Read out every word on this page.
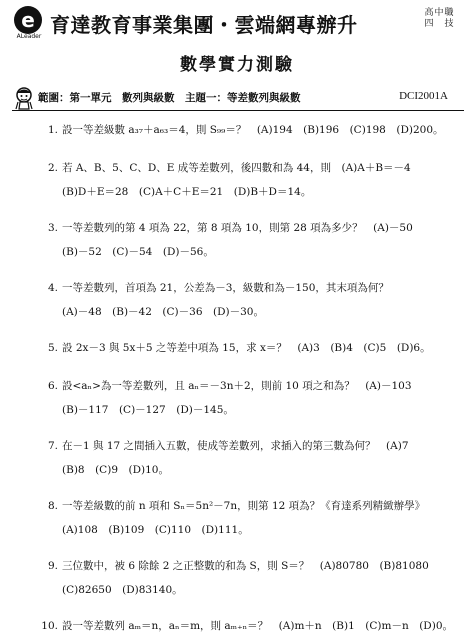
e
ALeader 育達教育事業集團・雲端網專辦升	高中職
四 技
數學實力測驗
範圍：第一單元　數列與級數　主題一：等差數列與級數	DCI2001A
1. 設一等差級數 a₃₇＋a₆₃＝4，則 S₉₉＝？　(A)194　(B)196　(C)198　(D)200。
2. 若 A、B、5、C、D、E 成等差數列，後四數和為 44，則　(A)A＋B＝－4
(B)D＋E＝28　(C)A＋C＋E＝21　(D)B＋D＝14。
3. 一等差數列的第 4 項為 22，第 8 項為 10，則第 28 項為多少？　(A)－50
(B)－52　(C)－54　(D)－56。
4. 一等差數列，首項為 21，公差為－3，級數和為－150，其末項為何？
(A)－48　(B)－42　(C)－36　(D)－30。
5. 設 2x－3 與 5x＋5 之等差中項為 15，求 x＝？　(A)3　(B)4　(C)5　(D)6。
6. 設<aₙ>為一等差數列，且 aₙ＝－3n＋2，則前 10 項之和為？　(A)－103
(B)－117　(C)－127　(D)－145。
7. 在－1 與 17 之間插入五數，使成等差數列，求插入的第三數為何？　(A)7
(B)8　(C)9　(D)10。
8. 一等差級數的前 n 項和 Sₙ＝5n²－7n，則第 12 項為？《育達系列精緻辦學》
(A)108　(B)109　(C)110　(D)111。
9. 三位數中，被 6 除餘 2 之正整數的和為 S，則 S＝？　(A)80780　(B)81080
(C)82650　(D)83140。
10. 設一等差數列 aₘ＝n，aₙ＝m，則 aₘ₊ₙ＝？　(A)m＋n　(B)1　(C)m－n　(D)0。
